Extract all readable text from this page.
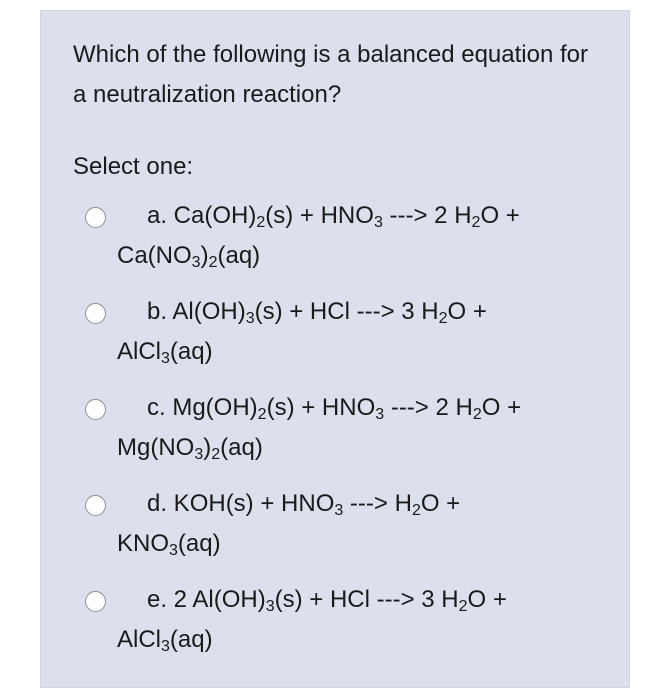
Which of the following is a balanced equation for a neutralization reaction?
Select one:
a. $Ca(OH)_2(s) + HNO_3$ ---> 2 $H_2O$ +
$Ca(NO_3)_2(aq)$
b. $Al(OH)_3(s)$ + HCl ---> 3 $H_2O$ +
AlCl$_3$(aq)
c. $Mg(OH)_2(s) + HNO_3$ ---> 2 $H_2O$ +
$Mg(NO_3)_2(aq)$
d. $KOH(s) + HNO_3$ ---> $H_2O$ +
$KNO_3(aq)$
e. 2 $Al(OH)_3(s)$ + HCl ---> 3 $H_2O$ +
AlCl$_3$(aq)
